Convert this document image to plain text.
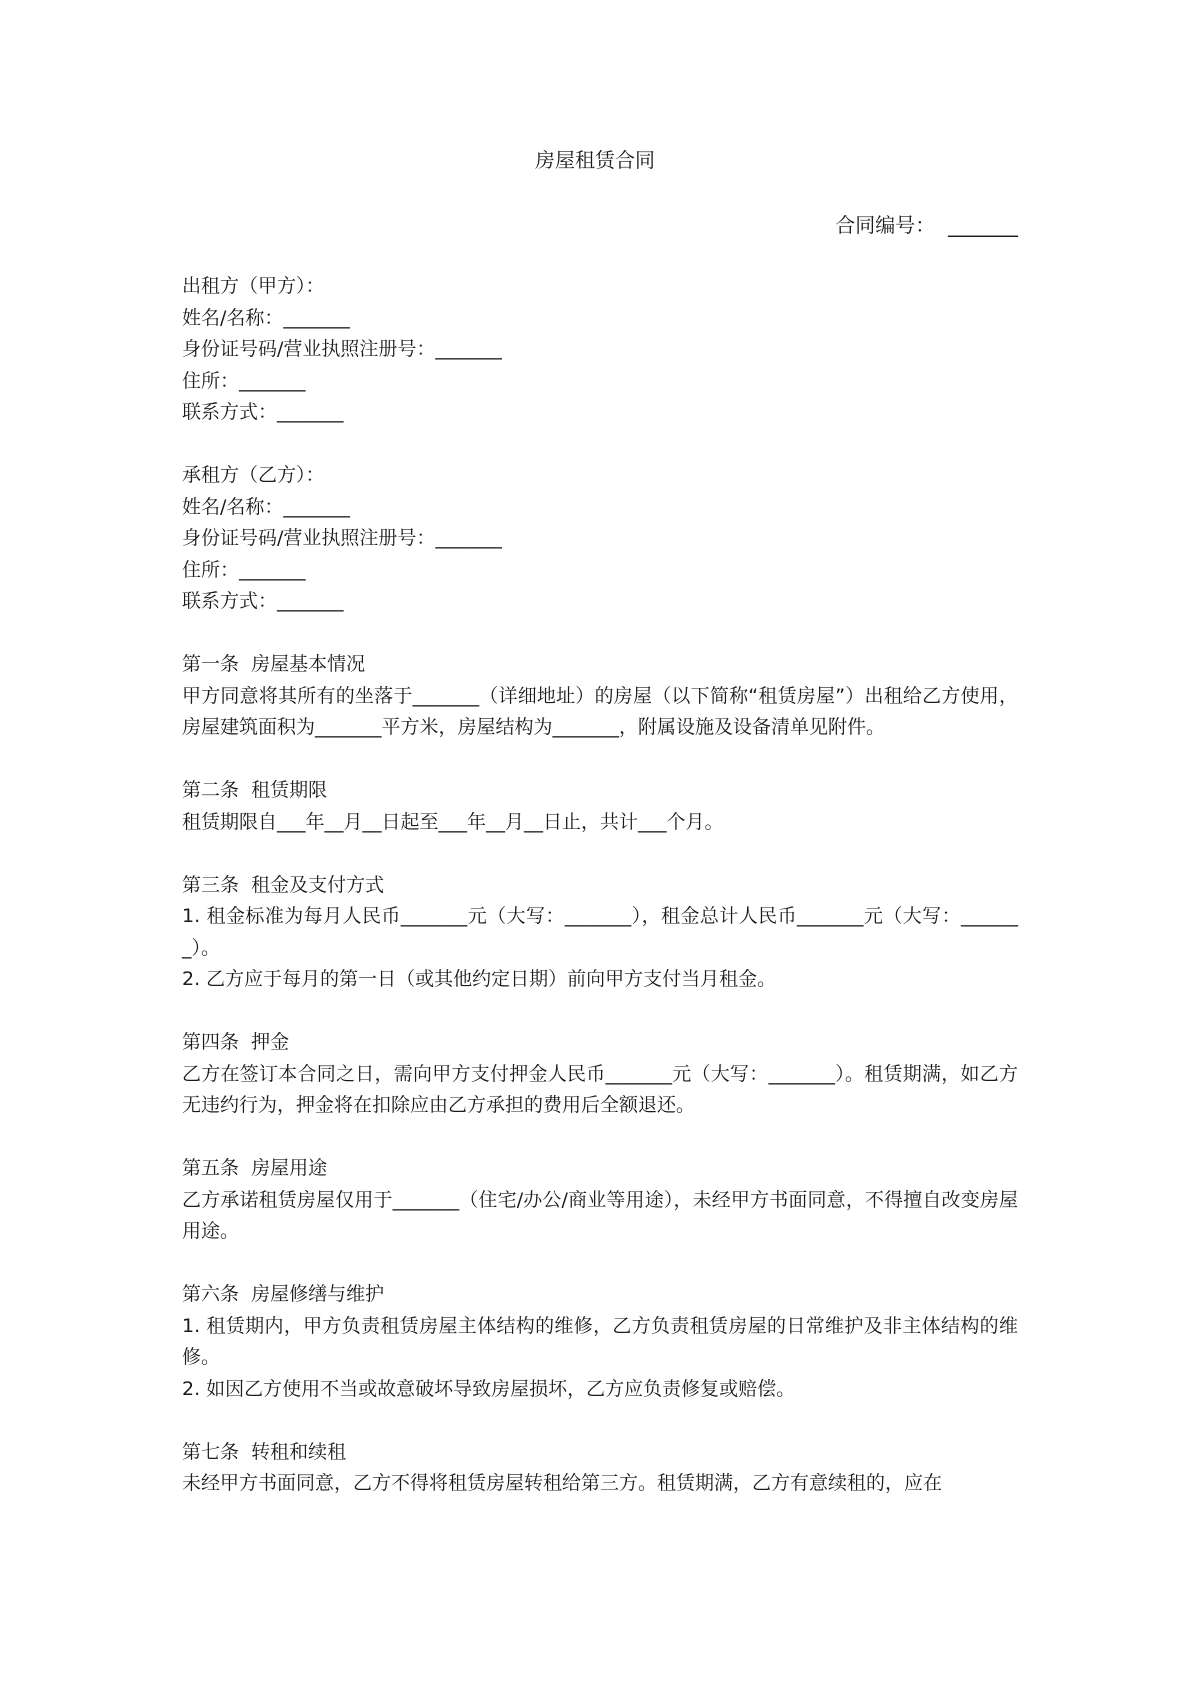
房屋租赁合同
合同编号：  _______

出租方（甲方）：

姓名/名称：_______

身份证号码/营业执照注册号：_______

住所：_______

联系方式：_______

承租方（乙方）：

姓名/名称：_______

身份证号码/营业执照注册号：_______

住所：_______

联系方式：_______

第一条  房屋基本情况

甲方同意将其所有的坐落于_______（详细地址）的房屋（以下简称“租赁房屋”）出租给乙方使用，房屋建筑面积为_______平方米，房屋结构为_______，附属设施及设备清单见附件。

第二条  租赁期限

租赁期限自___年__月__日起至___年__月__日止，共计___个月。

第三条  租金及支付方式

1. 租金标准为每月人民币_______元（大写：_______），租金总计人民币_______元（大写：_______）。

2. 乙方应于每月的第一日（或其他约定日期）前向甲方支付当月租金。

第四条  押金

乙方在签订本合同之日，需向甲方支付押金人民币_______元（大写：_______）。租赁期满，如乙方无违约行为，押金将在扣除应由乙方承担的费用后全额退还。

第五条  房屋用途

乙方承诺租赁房屋仅用于_______（住宅/办公/商业等用途），未经甲方书面同意，不得擅自改变房屋用途。

第六条  房屋修缮与维护

1. 租赁期内，甲方负责租赁房屋主体结构的维修，乙方负责租赁房屋的日常维护及非主体结构的维修。

2. 如因乙方使用不当或故意破坏导致房屋损坏，乙方应负责修复或赔偿。

第七条  转租和续租

未经甲方书面同意，乙方不得将租赁房屋转租给第三方。租赁期满，乙方有意续租的，应在
